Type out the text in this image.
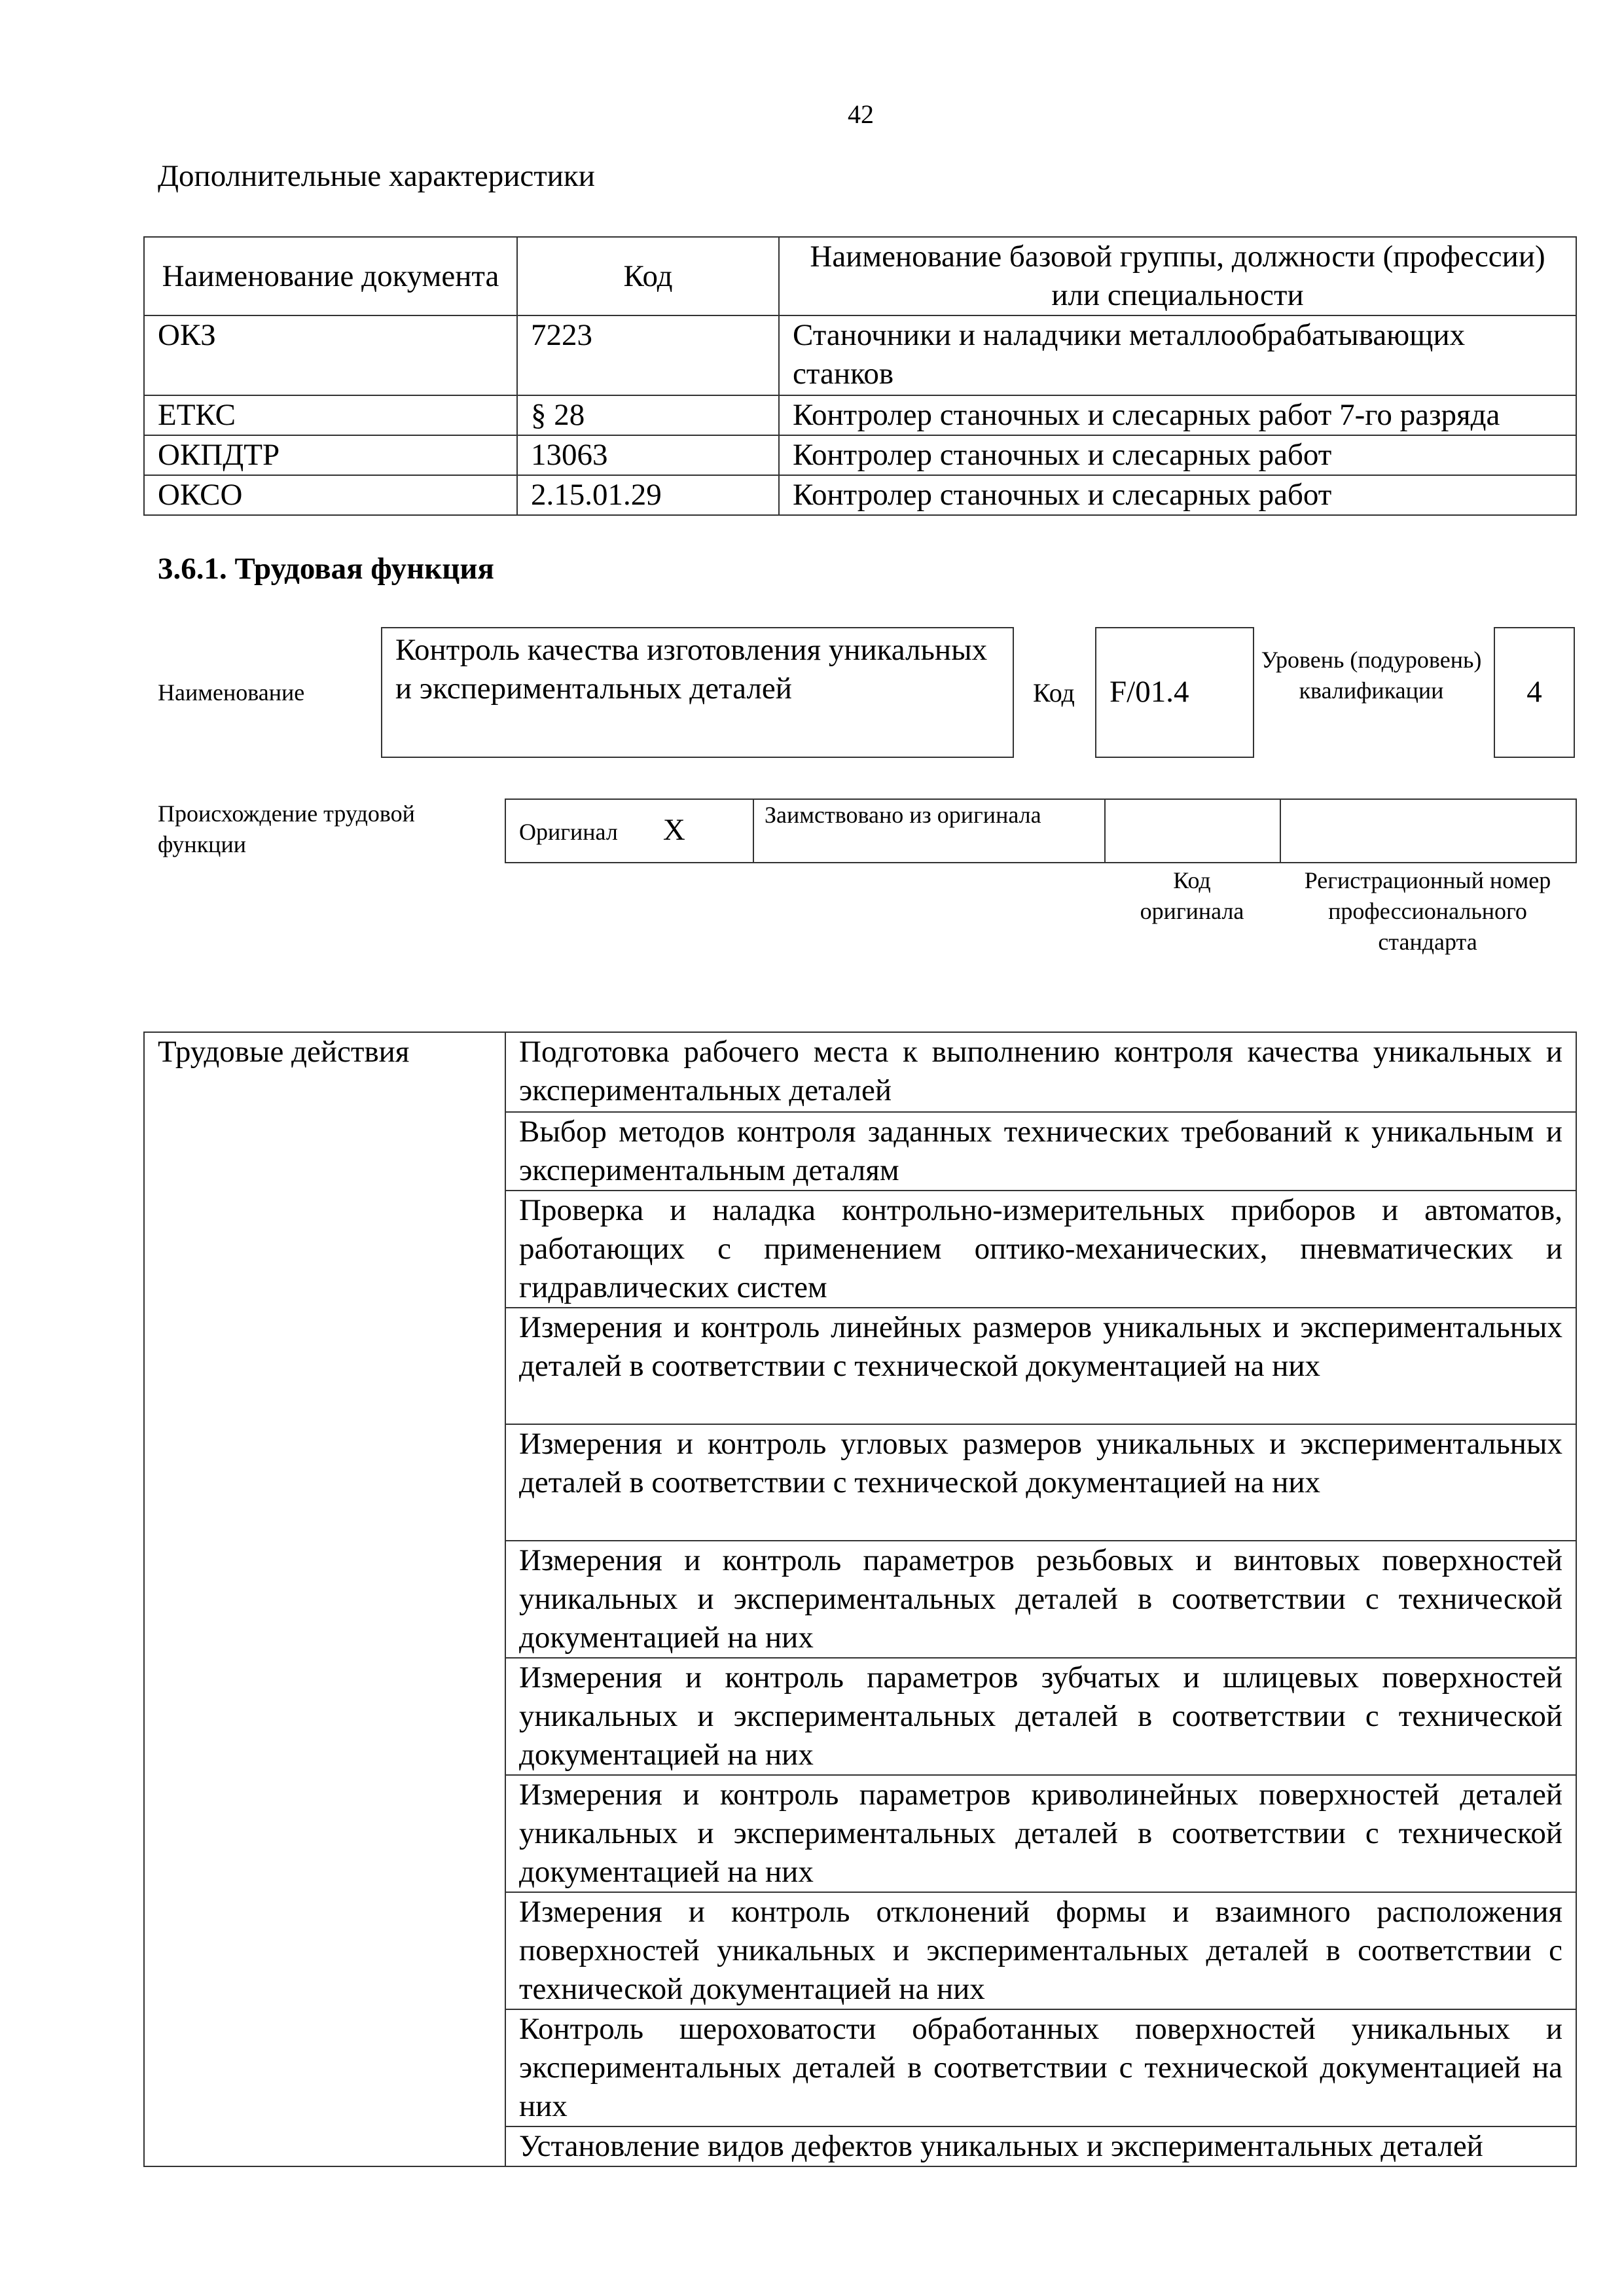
42
Дополнительные характеристики
Наименование документа	Код	Наименование базовой группы, должности (профессии) или специальности
ОКЗ	7223	Станочники и наладчики металлообрабатывающих станков
ЕТКС	§ 28	Контролер станочных и слесарных работ 7-го разряда
ОКПДТР	13063	Контролер станочных и слесарных работ
ОКСО	2.15.01.29	Контролер станочных и слесарных работ
3.6.1. Трудовая функция
Наименование
Контроль качества изготовления уникальных и экспериментальных деталей	Код	F/01.4
Уровень (подуровень) квалификации	4
Происхождение трудовой функции	Оригинал X	Заимствовано из оригинала		
Код оригинала
Регистрационный номер профессионального стандарта
Трудовые действия	Подготовка рабочего места к выполнению контроля качества уникальных и экспериментальных деталей
Выбор методов контроля заданных технических требований к уникальным и экспериментальным деталям
Проверка и наладка контрольно-измерительных приборов и автоматов, работающих с применением оптико-механических, пневматических и гидравлических систем
Измерения и контроль линейных размеров уникальных и экспериментальных деталей в соответствии с технической документацией на них
Измерения и контроль угловых размеров уникальных и экспериментальных деталей в соответствии с технической документацией на них
Измерения и контроль параметров резьбовых и винтовых поверхностей уникальных и экспериментальных деталей в соответствии с технической документацией на них
Измерения и контроль параметров зубчатых и шлицевых поверхностей уникальных и экспериментальных деталей в соответствии с технической документацией на них
Измерения и контроль параметров криволинейных поверхностей деталей уникальных и экспериментальных деталей в соответствии с технической документацией на них
Измерения и контроль отклонений формы и взаимного расположения поверхностей уникальных и экспериментальных деталей в соответствии с технической документацией на них
Контроль шероховатости обработанных поверхностей уникальных и экспериментальных деталей в соответствии с технической документацией на них
Установление видов дефектов уникальных и экспериментальных деталей
